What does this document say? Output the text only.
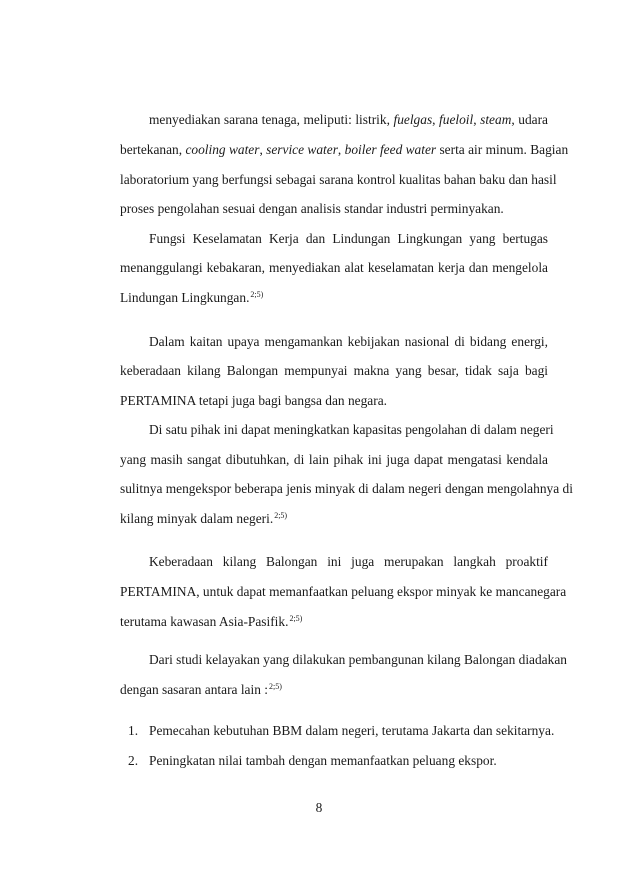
menyediakan sarana tenaga, meliputi: listrik, fuelgas, fueloil, steam, udara
bertekanan, cooling water, service water, boiler feed water serta air minum. Bagian
laboratorium yang berfungsi sebagai sarana kontrol kualitas bahan baku dan hasil
proses pengolahan sesuai dengan analisis standar industri perminyakan.
Fungsi Keselamatan Kerja dan Lindungan Lingkungan yang bertugas
menanggulangi kebakaran, menyediakan alat keselamatan kerja dan mengelola
Lindungan Lingkungan.$^{2;5)}$
Dalam kaitan upaya mengamankan kebijakan nasional di bidang energi,
keberadaan kilang Balongan mempunyai makna yang besar, tidak saja bagi
PERTAMINA tetapi juga bagi bangsa dan negara.
Di satu pihak ini dapat meningkatkan kapasitas pengolahan di dalam negeri
yang masih sangat dibutuhkan, di lain pihak ini juga dapat mengatasi kendala
sulitnya mengekspor beberapa jenis minyak di dalam negeri dengan mengolahnya di
kilang minyak dalam negeri.$^{2;5)}$
Keberadaan kilang Balongan ini juga merupakan langkah proaktif
PERTAMINA, untuk dapat memanfaatkan peluang ekspor minyak ke mancanegara
terutama kawasan Asia-Pasifik.$^{2;5)}$
Dari studi kelayakan yang dilakukan pembangunan kilang Balongan diadakan
dengan sasaran antara lain :$^{2;5)}$
1. Pemecahan kebutuhan BBM dalam negeri, terutama Jakarta dan sekitarnya.
2. Peningkatan nilai tambah dengan memanfaatkan peluang ekspor.
8
